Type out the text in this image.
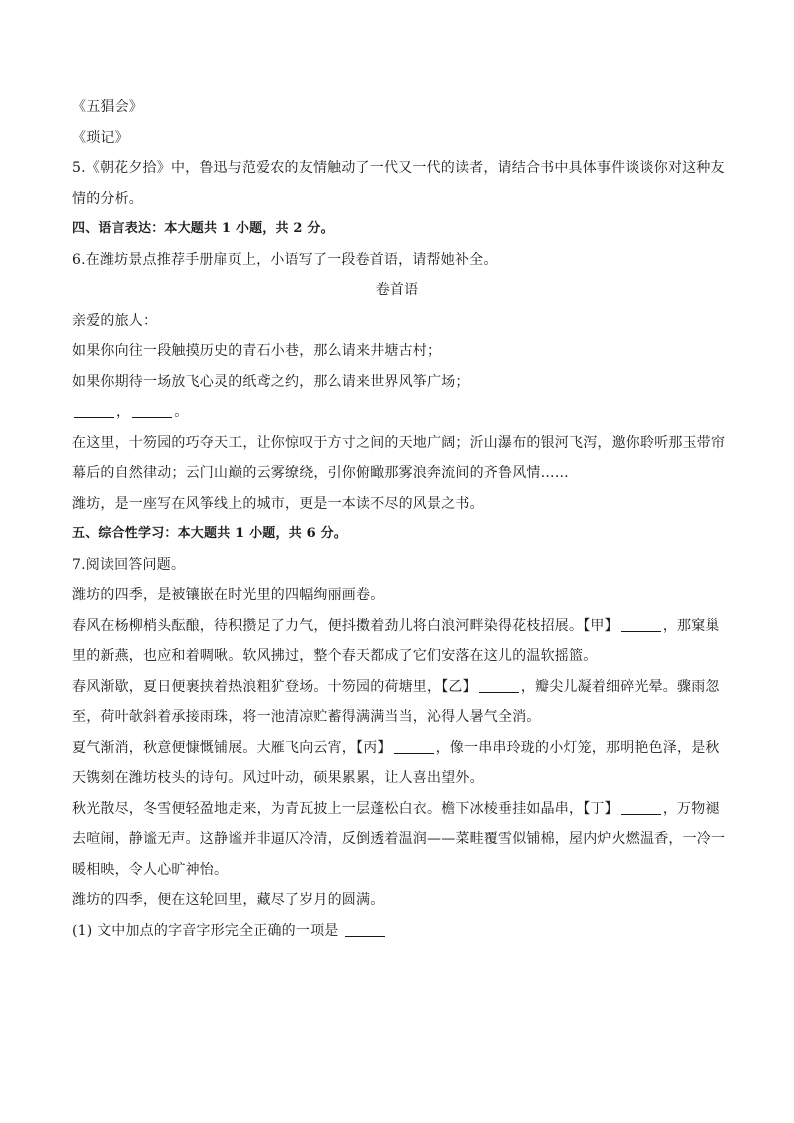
《五猖会》
《琐记》
5.《朝花夕拾》中，鲁迅与范爱农的友情触动了一代又一代的读者，请结合书中具体事件谈谈你对这种友
情的分析。
四、语言表达：本大题共 1 小题，共 2 分。
6.在潍坊景点推荐手册扉页上，小语写了一段卷首语，请帮她补全。
卷首语
亲爱的旅人：
如果你向往一段触摸历史的青石小巷，那么请来井塘古村；
如果你期待一场放飞心灵的纸鸢之约，那么请来世界风筝广场；
，	。
在这里，十笏园的巧夺天工，让你惊叹于方寸之间的天地广阔；沂山瀑布的银河飞泻，邀你聆听那玉带帘
幕后的自然律动；云门山巅的云雾缭绕，引你俯瞰那雾浪奔流间的齐鲁风情……
潍坊，是一座写在风筝线上的城市，更是一本读不尽的风景之书。
五、综合性学习：本大题共 1 小题，共 6 分。
7.阅读回答问题。
潍坊的四季，是被镶嵌在时光里的四幅绚丽画卷。
春风在杨柳梢头酝酿，待积攒足了力气，便抖擞着劲儿将白浪河畔染得花枝招展。【甲】	，那窠巢
里的新燕，也应和着啁啾。软风拂过，整个春天都成了它们安落在这儿的温软摇篮。
春风渐歇，夏日便裹挟着热浪粗犷登场。十笏园的荷塘里，【乙】	，瓣尖儿凝着细碎光晕。骤雨忽
至，荷叶欹斜着承接雨珠，将一池清凉贮蓄得满满当当，沁得人暑气全消。
夏气渐消，秋意便慷慨铺展。大雁飞向云宵，【丙】	，像一串串玲珑的小灯笼，那明艳色泽，是秋
天镌刻在潍坊枝头的诗句。风过叶动，硕果累累，让人喜出望外。
秋光散尽，冬雪便轻盈地走来，为青瓦披上一层蓬松白衣。檐下冰棱垂挂如晶串，【丁】	，万物褪
去喧闹，静谧无声。这静谧并非逼仄冷清，反倒透着温润——菜畦覆雪似铺棉，屋内炉火燃温香，一冷一
暖相映，令人心旷神怡。
潍坊的四季，便在这轮回里，藏尽了岁月的圆满。
(1) 文中加点的字音字形完全正确的一项是
